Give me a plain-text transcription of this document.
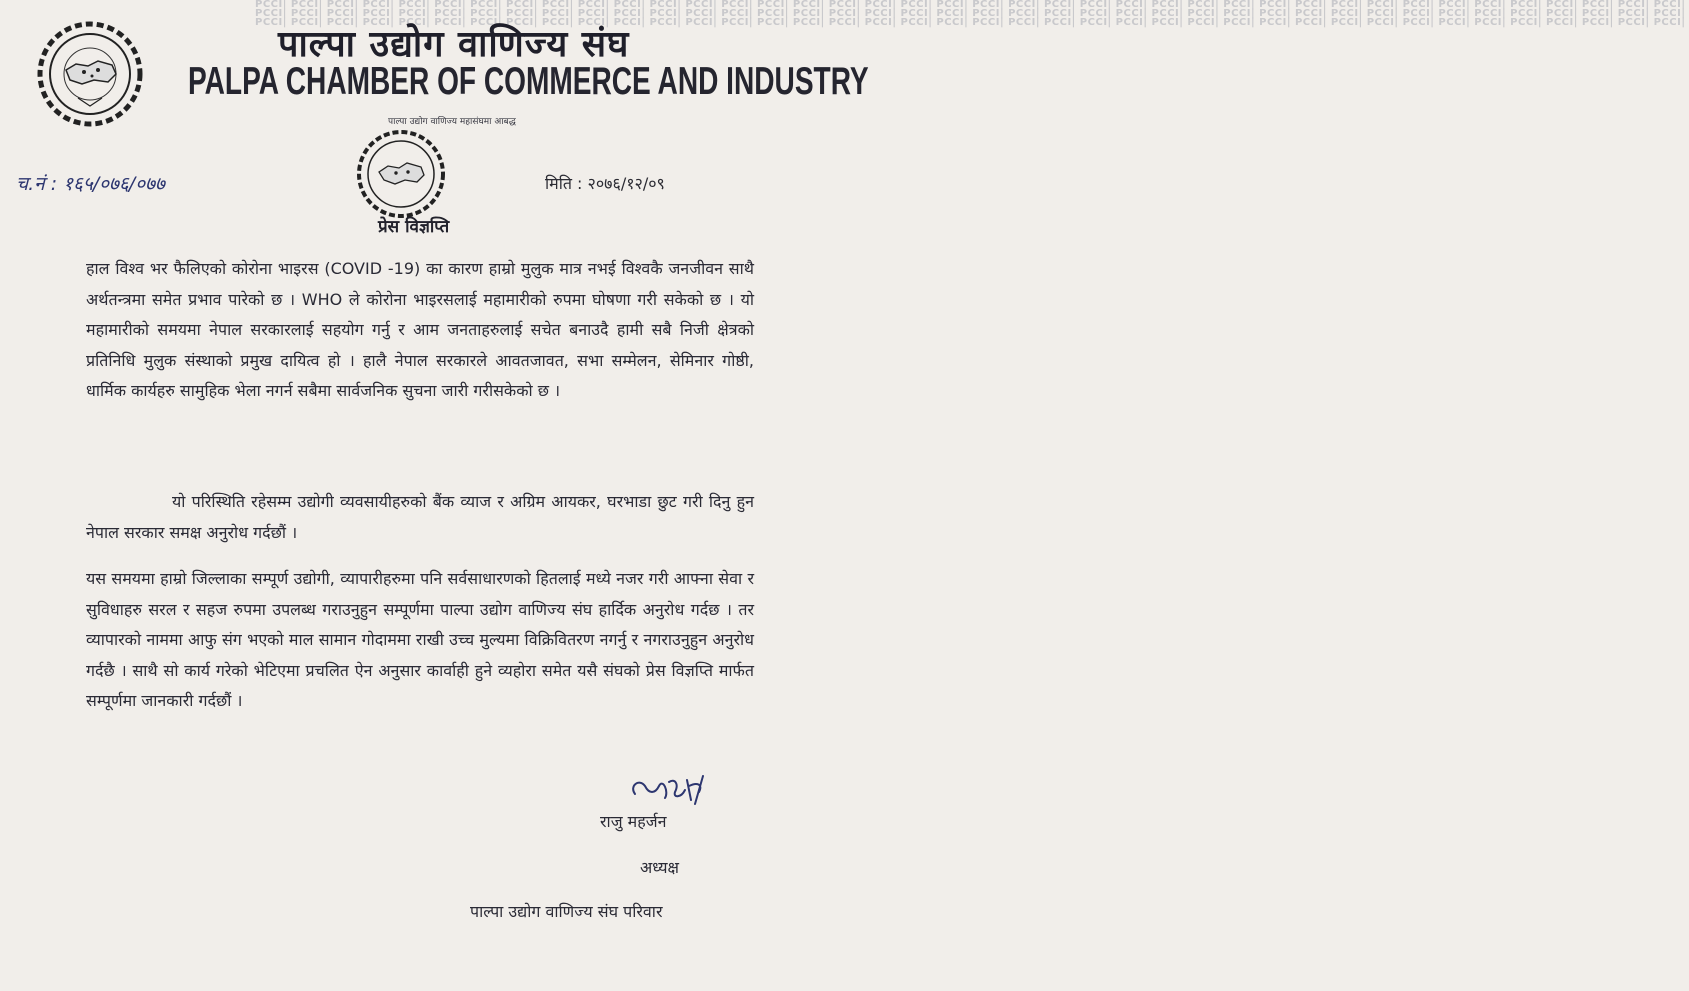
PCCI| PCCI| PCCI| PCCI| PCCI| PCCI| PCCI| PCCI| PCCI| PCCI| PCCI| PCCI| PCCI| PCCI| PCCI| PCCI| PCCI| PCCI| PCCI| PCCI| PCCI| PCCI| PCCI| PCCI| PCCI| PCCI| PCCI| PCCI| PCCI| PCCI| PCCI| PCCI| PCCI| PCCI| PCCI| PCCI| PCCI| PCCI| PCCI| PCCI|
PCCI| PCCI| PCCI| PCCI| PCCI| PCCI| PCCI| PCCI| PCCI| PCCI| PCCI| PCCI| PCCI| PCCI| PCCI| PCCI| PCCI| PCCI| PCCI| PCCI| PCCI| PCCI| PCCI| PCCI| PCCI| PCCI| PCCI| PCCI| PCCI| PCCI| PCCI| PCCI| PCCI| PCCI| PCCI| PCCI| PCCI| PCCI| PCCI| PCCI|
PCCI| PCCI| PCCI| PCCI| PCCI| PCCI| PCCI| PCCI| PCCI| PCCI| PCCI| PCCI| PCCI| PCCI| PCCI| PCCI| PCCI| PCCI| PCCI| PCCI| PCCI| PCCI| PCCI| PCCI| PCCI| PCCI| PCCI| PCCI| PCCI| PCCI| PCCI| PCCI| PCCI| PCCI| PCCI| PCCI| PCCI| PCCI| PCCI| PCCI|
पाल्पा उद्योग वाणिज्य संघ
PALPA CHAMBER OF COMMERCE AND INDUSTRY
पाल्पा उद्योग वाणिज्य महासंघमा आबद्ध
च.नं : १६५/०७६/०७७	मिति : २०७६/१२/०९
प्रेस विज्ञप्ति

हाल विश्व भर फैलिएको कोरोना भाइरस (COVID -19) का कारण हाम्रो मुलुक मात्र नभई विश्वकै जनजीवन साथै अर्थतन्त्रमा समेत प्रभाव पारेको छ । WHO ले कोरोना भाइरसलाई महामारीको रुपमा घोषणा गरी सकेको छ । यो महामारीको समयमा नेपाल सरकारलाई सहयोग गर्नु र आम जनताहरुलाई सचेत बनाउदै हामी सबै निजी क्षेत्रको प्रतिनिधि मुलुक संस्थाको प्रमुख दायित्व हो । हालै नेपाल सरकारले आवतजावत, सभा सम्मेलन, सेमिनार गोष्ठी, धार्मिक कार्यहरु सामुहिक भेला नगर्न सबैमा सार्वजनिक सुचना जारी गरीसकेको छ ।

यो परिस्थिति रहेसम्म उद्योगी व्यवसायीहरुको बैंक व्याज र अग्रिम आयकर, घरभाडा छुट गरी दिनु हुन नेपाल सरकार समक्ष अनुरोध गर्दछौं ।

यस समयमा हाम्रो जिल्लाका सम्पूर्ण उद्योगी, व्यापारीहरुमा पनि सर्वसाधारणको हितलाई मध्ये नजर गरी आफ्ना सेवा र सुविधाहरु सरल र सहज रुपमा उपलब्ध गराउनुहुन सम्पूर्णमा पाल्पा उद्योग वाणिज्य संघ हार्दिक अनुरोध गर्दछ । तर व्यापारको नाममा आफु संग भएको माल सामान गोदाममा राखी उच्च मुल्यमा विक्रिवितरण नगर्नु र नगराउनुहुन अनुरोध गर्दछै । साथै सो कार्य गरेको भेटिएमा प्रचलित ऐन अनुसार कार्वाही हुने व्यहोरा समेत यसै संघको प्रेस विज्ञप्ति मार्फत सम्पूर्णमा जानकारी गर्दछौं ।

राजु महर्जन
अध्यक्ष
पाल्पा उद्योग वाणिज्य संघ परिवार
